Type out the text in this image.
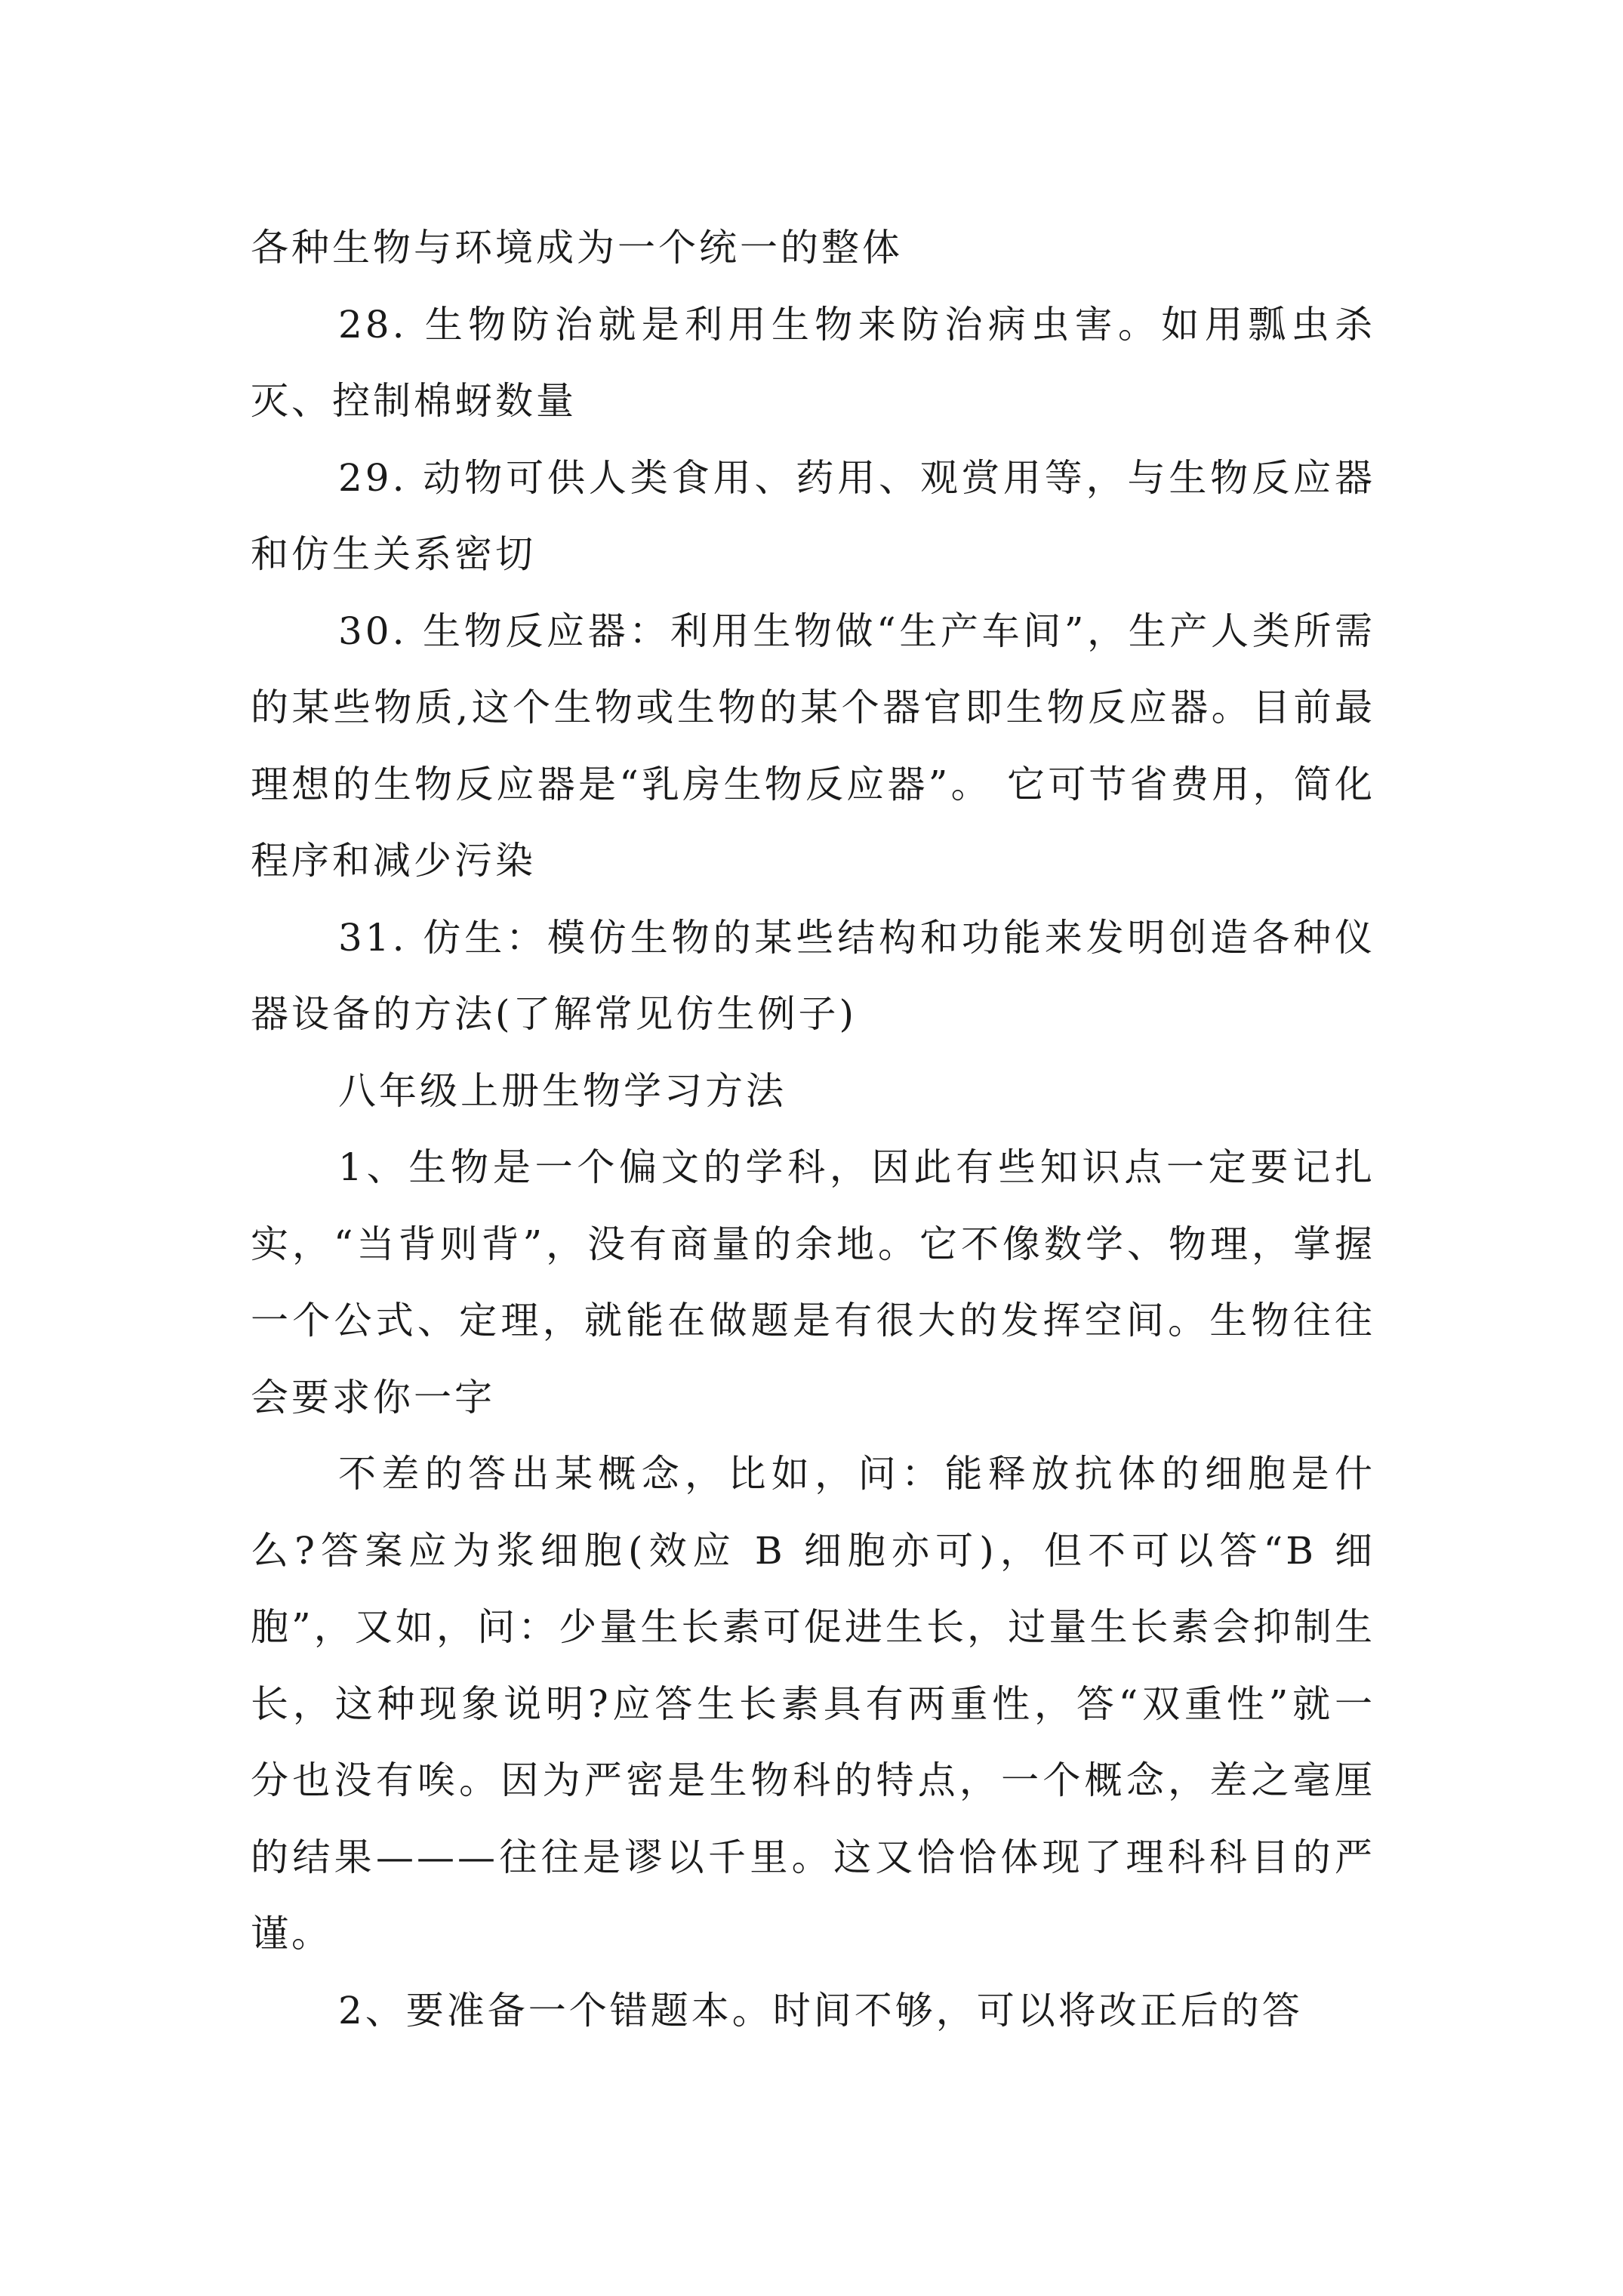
各种生物与环境成为一个统一的整体

28. 生物防治就是利用生物来防治病虫害。如用瓢虫杀灭、控制棉蚜数量

29. 动物可供人类食用、药用、观赏用等，与生物反应器和仿生关系密切

30. 生物反应器：利用生物做“生产车间”，生产人类所需的某些物质,这个生物或生物的某个器官即生物反应器。目前最理想的生物反应器是“乳房生物反应器”。 它可节省费用，简化程序和减少污染

31. 仿生：模仿生物的某些结构和功能来发明创造各种仪器设备的方法(了解常见仿生例子)

八年级上册生物学习方法

1、生物是一个偏文的学科，因此有些知识点一定要记扎实，“当背则背”，没有商量的余地。它不像数学、物理，掌握一个公式、定理，就能在做题是有很大的发挥空间。生物往往会要求你一字

不差的答出某概念，比如，问：能释放抗体的细胞是什么?答案应为浆细胞(效应 B 细胞亦可)，但不可以答“B 细胞”，又如，问：少量生长素可促进生长，过量生长素会抑制生长，这种现象说明?应答生长素具有两重性，答“双重性”就一分也没有唉。因为严密是生物科的特点，一个概念，差之毫厘的结果———往往是谬以千里。这又恰恰体现了理科科目的严谨。

2、要准备一个错题本。时间不够，可以将改正后的答
